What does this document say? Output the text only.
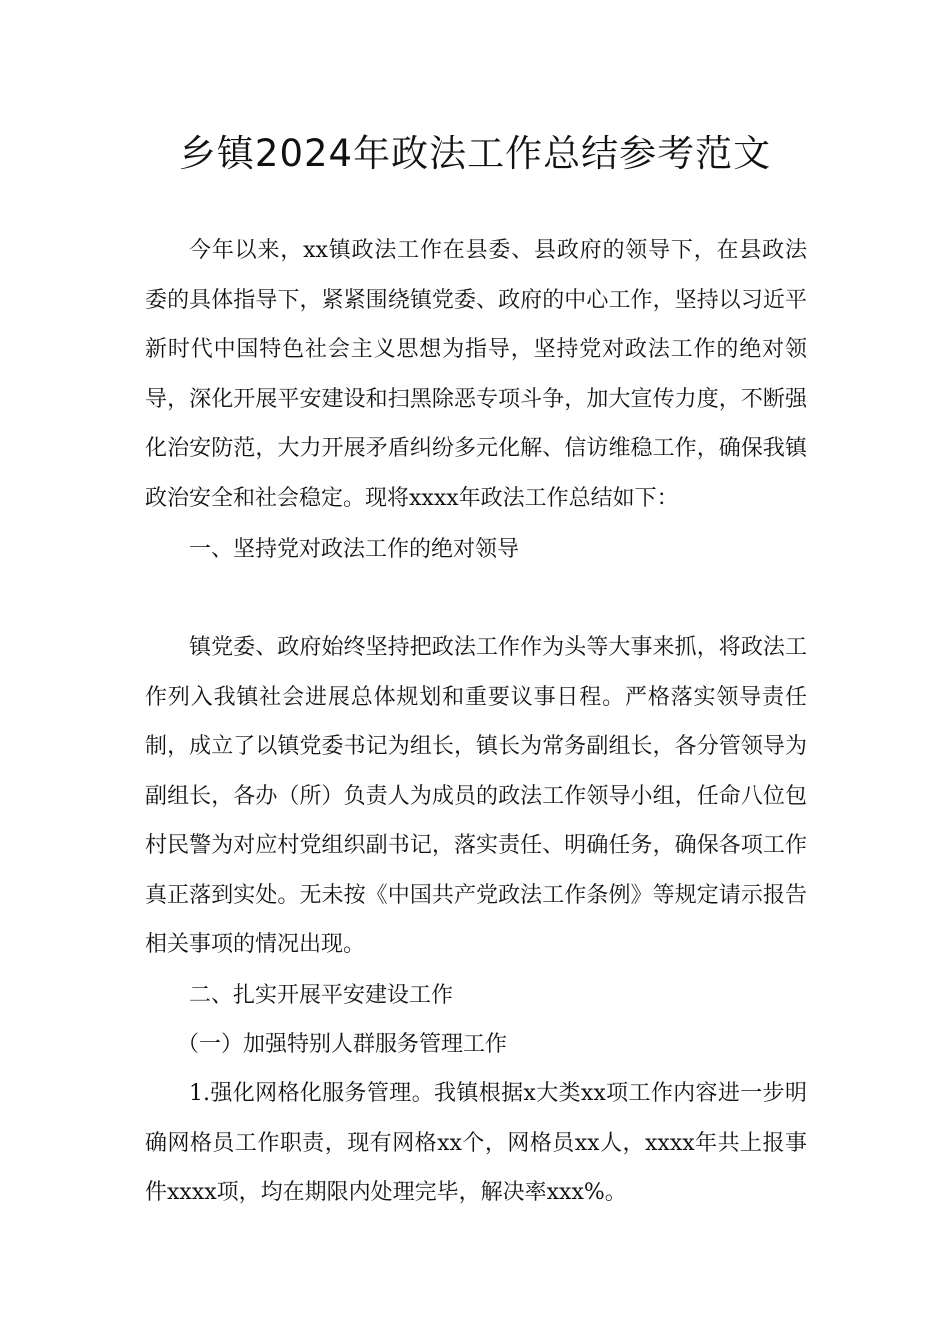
乡镇2024年政法工作总结参考范文

今年以来，xx镇政法工作在县委、县政府的领导下，在县政法委的具体指导下，紧紧围绕镇党委、政府的中心工作，坚持以习近平新时代中国特色社会主义思想为指导，坚持党对政法工作的绝对领导，深化开展平安建设和扫黑除恶专项斗争，加大宣传力度，不断强化治安防范，大力开展矛盾纠纷多元化解、信访维稳工作，确保我镇政治安全和社会稳定。现将xxxx年政法工作总结如下：

一、坚持党对政法工作的绝对领导

镇党委、政府始终坚持把政法工作作为头等大事来抓，将政法工作列入我镇社会进展总体规划和重要议事日程。严格落实领导责任制，成立了以镇党委书记为组长，镇长为常务副组长，各分管领导为副组长，各办（所）负责人为成员的政法工作领导小组，任命八位包村民警为对应村党组织副书记，落实责任、明确任务，确保各项工作真正落到实处。无未按《中国共产党政法工作条例》等规定请示报告相关事项的情况出现。

二、扎实开展平安建设工作

（一）加强特别人群服务管理工作

1.强化网格化服务管理。我镇根据x大类xx项工作内容进一步明确网格员工作职责，现有网格xx个，网格员xx人，xxxx年共上报事件xxxx项，均在期限内处理完毕，解决率xxx%。
